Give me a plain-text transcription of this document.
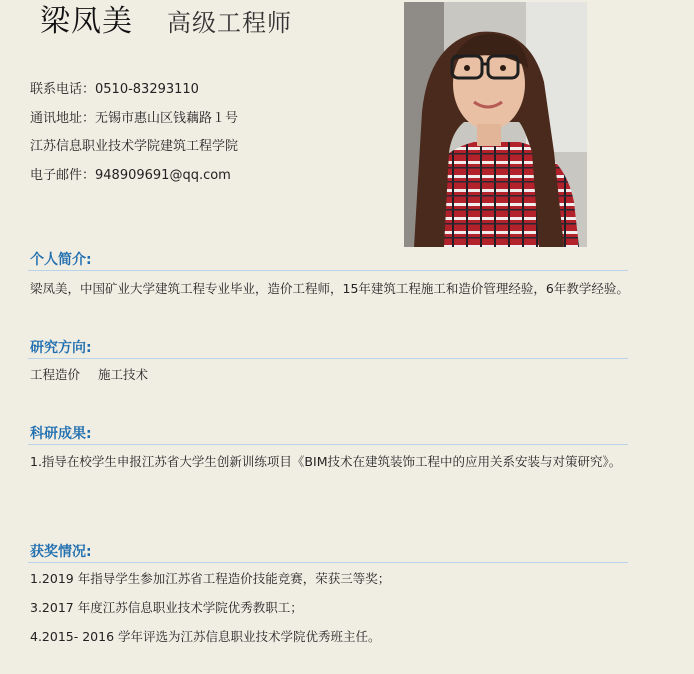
梁凤美 高级工程师
联系电话：0510-83293110
通讯地址：无锡市惠山区钱藕路１号
江苏信息职业技术学院建筑工程学院
电子邮件：948909691@qq.com
个人简介:
梁凤美，中国矿业大学建筑工程专业毕业，造价工程师，15年建筑工程施工和造价管理经验，6年教学经验。
研究方向:
工程造价 施工技术
科研成果:
1.指导在校学生申报江苏省大学生创新训练项目《BIM技术在建筑装饰工程中的应用关系安装与对策研究》。
获奖情况:
1.2019 年指导学生参加江苏省工程造价技能竞赛，荣获三等奖；
3.2017 年度江苏信息职业技术学院优秀教职工；
4.2015- 2016 学年评选为江苏信息职业技术学院优秀班主任。
